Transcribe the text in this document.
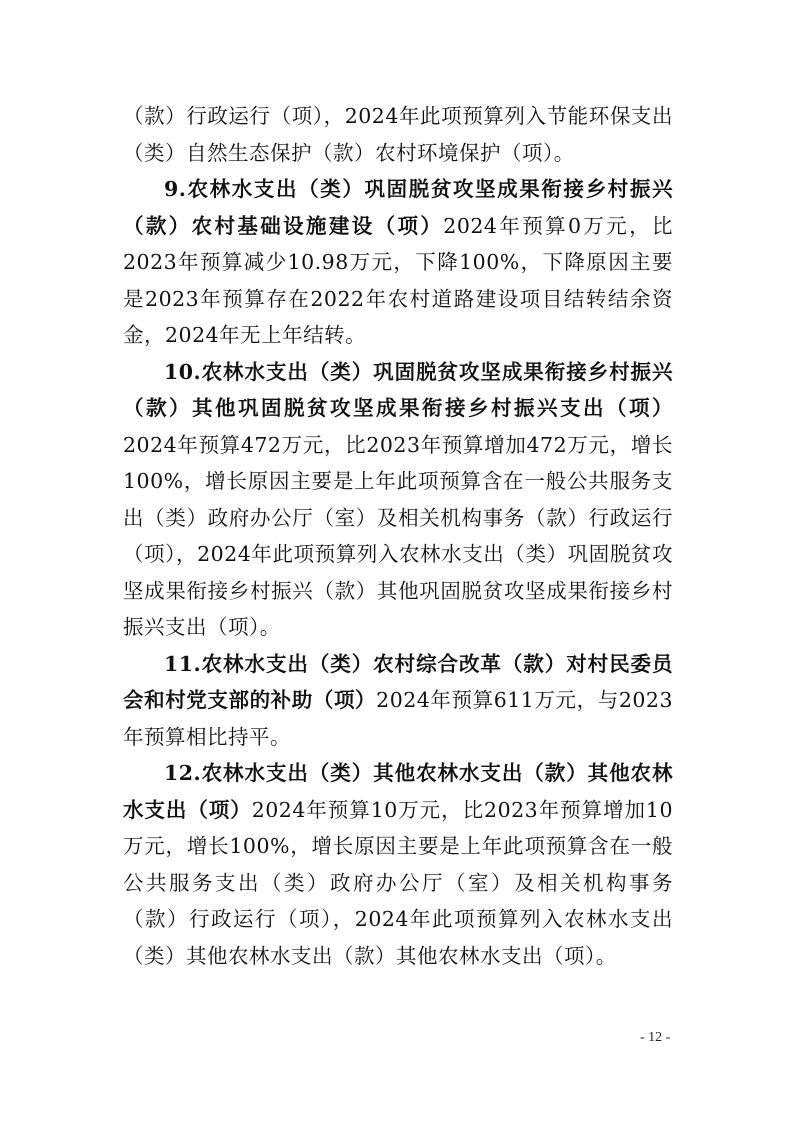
（款）行政运行（项），2024年此项预算列入节能环保支出（类）自然生态保护（款）农村环境保护（项）。

9.农林水支出（类）巩固脱贫攻坚成果衔接乡村振兴（款）农村基础设施建设（项）2024年预算0万元，比2023年预算减少10.98万元，下降100%，下降原因主要是2023年预算存在2022年农村道路建设项目结转结余资金，2024年无上年结转。

10.农林水支出（类）巩固脱贫攻坚成果衔接乡村振兴（款）其他巩固脱贫攻坚成果衔接乡村振兴支出（项）2024年预算472万元，比2023年预算增加472万元，增长100%，增长原因主要是上年此项预算含在一般公共服务支出（类）政府办公厅（室）及相关机构事务（款）行政运行（项），2024年此项预算列入农林水支出（类）巩固脱贫攻坚成果衔接乡村振兴（款）其他巩固脱贫攻坚成果衔接乡村振兴支出（项）。

11.农林水支出（类）农村综合改革（款）对村民委员会和村党支部的补助（项）2024年预算611万元，与2023年预算相比持平。

12.农林水支出（类）其他农林水支出（款）其他农林水支出（项）2024年预算10万元，比2023年预算增加10万元，增长100%，增长原因主要是上年此项预算含在一般公共服务支出（类）政府办公厅（室）及相关机构事务（款）行政运行（项），2024年此项预算列入农林水支出（类）其他农林水支出（款）其他农林水支出（项）。

- 12 -
